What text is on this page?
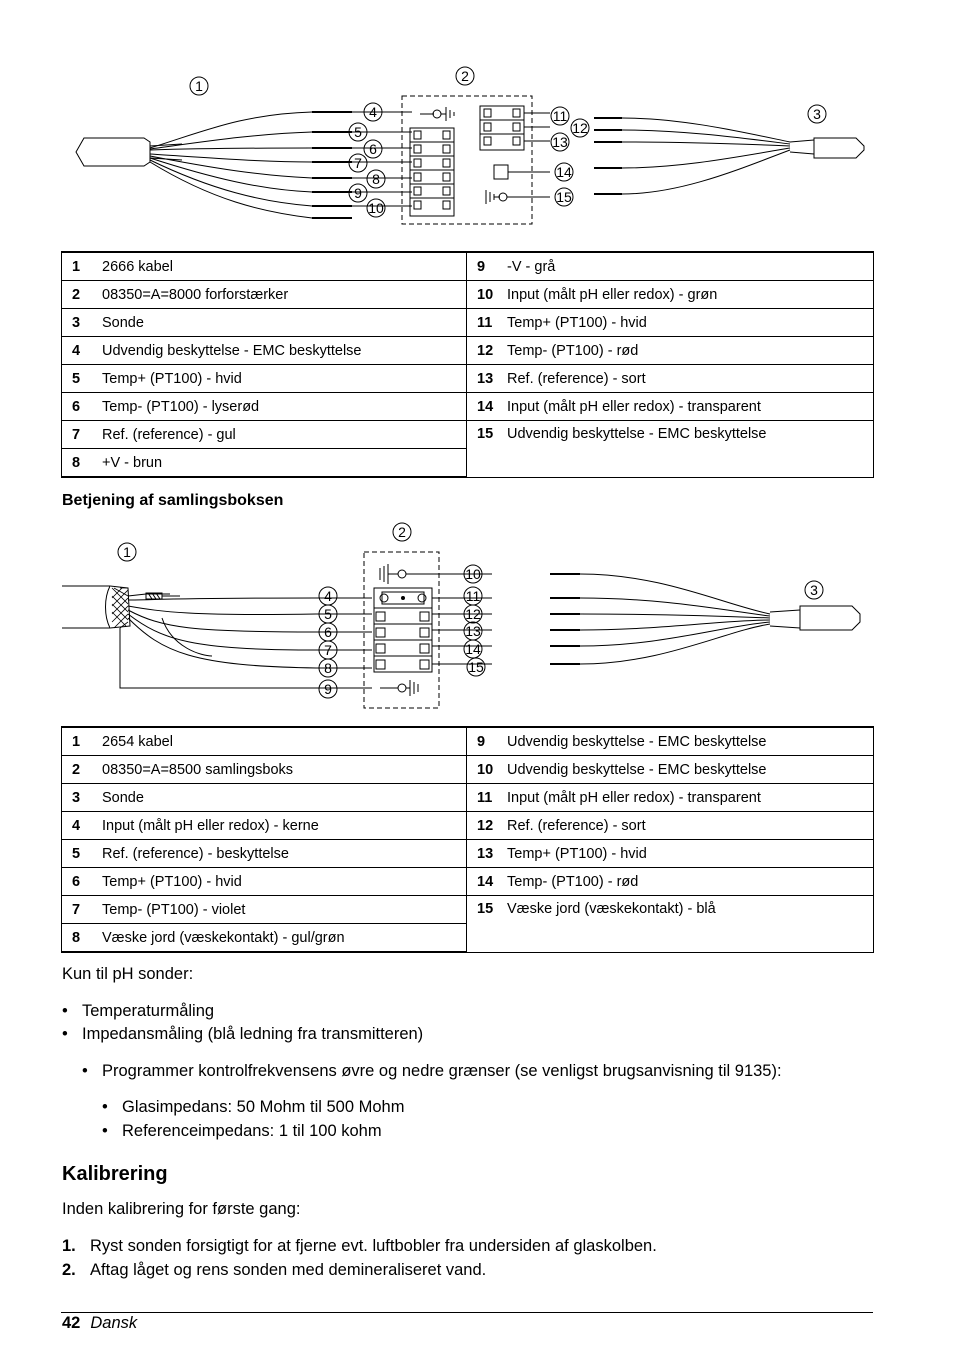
1
2
3
4
5
6
7
8
9
10
11
12
13
14
15
1 2666 kabel	9 -V - grå
2 08350=A=8000 forforstærker	10 Input (målt pH eller redox) - grøn
3 Sonde	11 Temp+ (PT100) - hvid
4 Udvendig beskyttelse - EMC beskyttelse	12 Temp- (PT100) - rød
5 Temp+ (PT100) - hvid	13 Ref. (reference) - sort
6 Temp- (PT100) - lyserød	14 Input (målt pH eller redox) - transparent
7 Ref. (reference) - gul	15 Udvendig beskyttelse - EMC beskyttelse
8 +V - brun	
Betjening af samlingsboksen
1
2
3
4
5
6
7
8
9
10
11
12
13
14
15
1 2654 kabel	9 Udvendig beskyttelse - EMC beskyttelse
2 08350=A=8500 samlingsboks	10 Udvendig beskyttelse - EMC beskyttelse
3 Sonde	11 Input (målt pH eller redox) - transparent
4 Input (målt pH eller redox) - kerne	12 Ref. (reference) - sort
5 Ref. (reference) - beskyttelse	13 Temp+ (PT100) - hvid
6 Temp+ (PT100) - hvid	14 Temp- (PT100) - rød
7 Temp- (PT100) - violet	15 Væske jord (væskekontakt) - blå
8 Væske jord (væskekontakt) - gul/grøn	
Kun til pH sonder:
• Temperaturmåling
• Impedansmåling (blå ledning fra transmitteren)
• Programmer kontrolfrekvensens øvre og nedre grænser (se venligst brugsanvisning til 9135):
• Glasimpedans: 50 Mohm til 500 Mohm
• Referenceimpedans: 1 til 100 kohm
Kalibrering
Inden kalibrering for første gang:
1. Ryst sonden forsigtigt for at fjerne evt. luftbobler fra undersiden af glaskolben.
2. Aftag låget og rens sonden med demineraliseret vand.
42 Dansk
